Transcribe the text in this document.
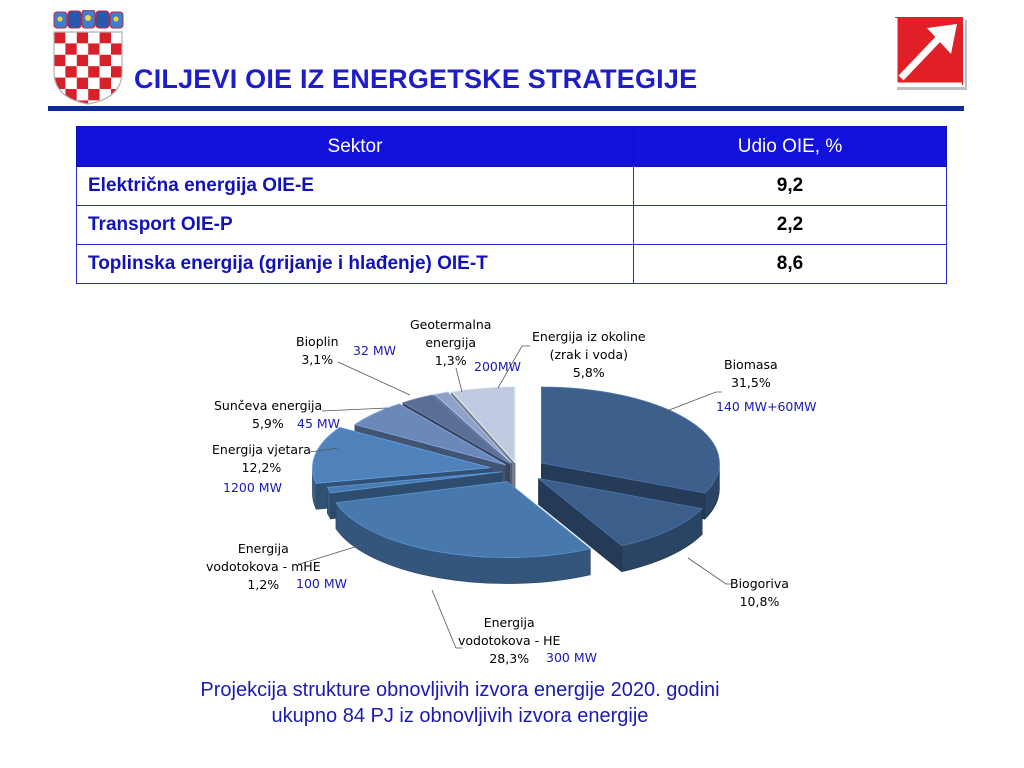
CILJEVI OIE IZ ENERGETSKE STRATEGIJE
Sektor	Udio OIE, %
Električna energija OIE-E	9,2
Transport OIE-P	2,2
Toplinska energija (grijanje i hlađenje) OIE-T	8,6
Biomasa
31,5%
140 MW+60MW
Biogoriva
10,8%
Energija
vodotokova - HE
28,3%	300 MW
Energija
vodotokova - mHE
1,2%	100 MW
Energija vjetara
12,2%
1200 MW
Sunčeva energija
5,9%	45 MW
Bioplin
3,1%
32 MW
Geotermalna
energija
1,3%
Energija iz okoline
(zrak i voda)
5,8%
200MW
Projekcija strukture obnovljivih izvora energije 2020. godini
ukupno 84 PJ iz obnovljivih izvora energije
